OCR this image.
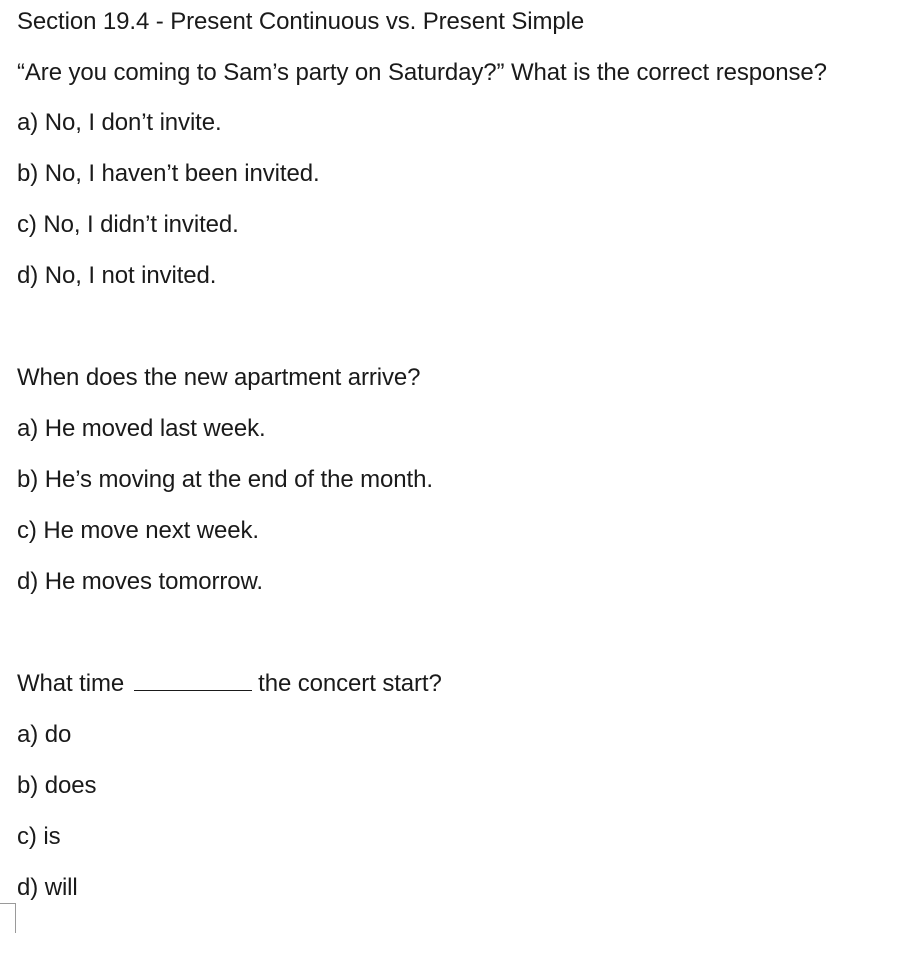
Section 19.4 - Present Continuous vs. Present Simple
“Are you coming to Sam’s party on Saturday?” What is the correct response?
a) No, I don’t invite.
b) No, I haven’t been invited.
c) No, I didn’t invited.
d) No, I not invited.
When does the new apartment arrive?
a) He moved last week.
b) He’s moving at the end of the month.
c) He move next week.
d) He moves tomorrow.
What time	the concert start?
a) do
b) does
c) is
d) will
